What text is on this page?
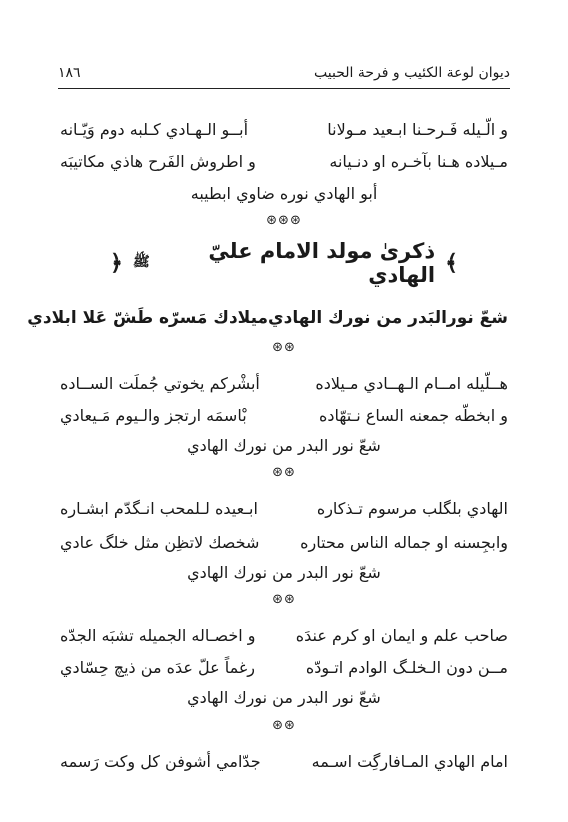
ديوان لوعة الكئيب و فرحة الحبيب
١٨٦
و الّـيله فَـرحـنا ابـعيد مـولانا
أبــو الـهـادي كـلبه دوم وَيّـانه
مـيلاده هـنا بآخـره او دنـيانه
و اطروش الفَرح هاذي مكاتيبَه
أبو الهادي نوره ضاوي ابطيبه
⊛⊛⊛
﴾
ذكرىٰ مولد الامام عليّ الهادي
ﷺ
﴿
شعّ نورالبَدر من نورك الهادي
ميلادك مَسرّه طَشّ عَلا ابلادي
⊛⊛
هــلّيله امــام الـهــادي مـيلاده
أبشْركم يخوتي جُملَت الســاده
و ابخطّه جمعنه الساع نـتهّاده
بْاسمَه ارتجز والـيوم مَـيعادي
شعّ نور البدر من نورك الهادي
⊛⊛
الهادي بلگلب مرسوم تـذكاره
ابـعيده لـلمحب انـگدّم ابشـاره
وابجِسنه او جماله الناس محتاره
شخصك لاتظِن مثل خلگ عادي
شعّ نور البدر من نورك الهادي
⊛⊛
صاحب علم و ايمان او كرم عندَه
و اخصـاله الجميله تشبَه الجدّه
مــن دون الـخلـگ الوادم اتـودّه
رغماً علّ عدَه من ذيچ حِسّادي
شعّ نور البدر من نورك الهادي
⊛⊛
امام الهادي المـافارگِت اسـمه
جدّامي أشوفن كل وكت رَسمه
